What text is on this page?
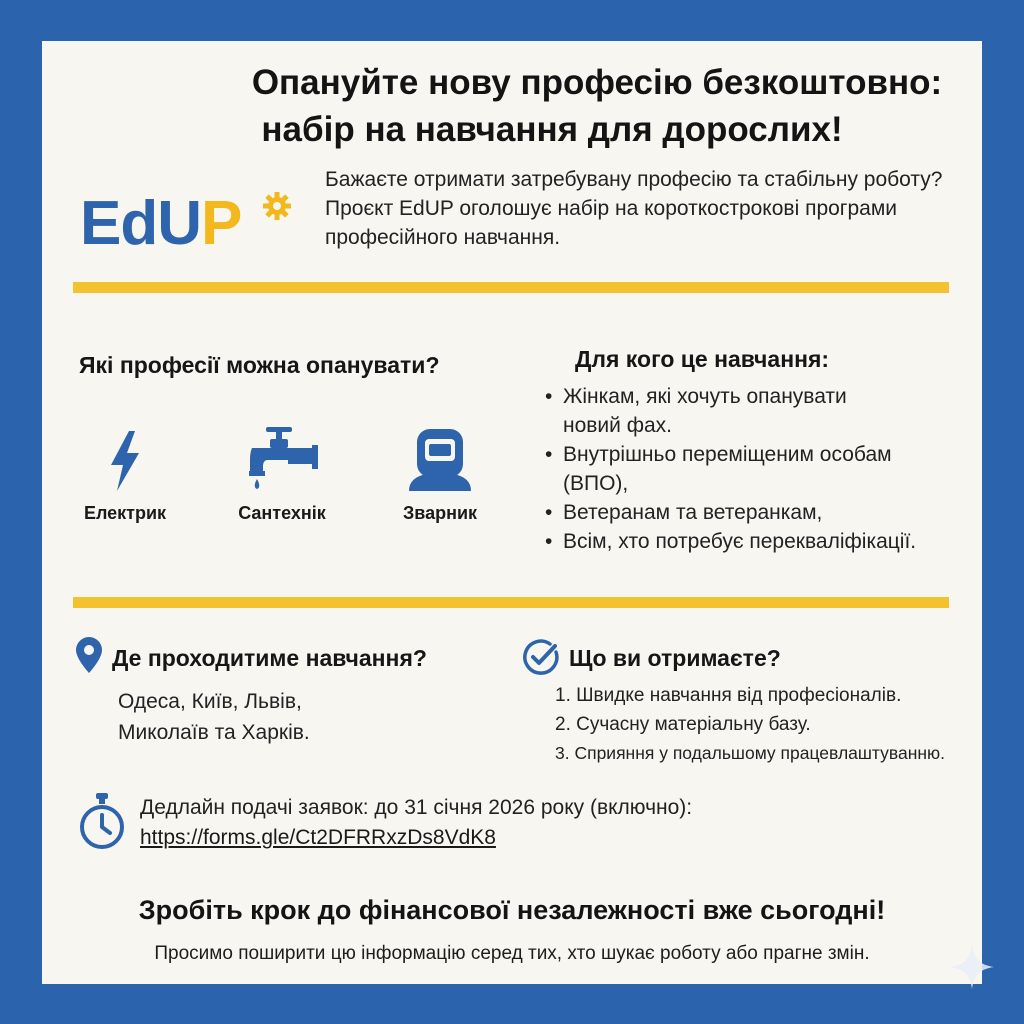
Опануйте нову професію безкоштовно:
набір на навчання для дорослих!
EdUP
Бажаєте отримати затребувану професію та стабільну роботу? Проєкт EdUP оголошує набір на короткострокові програми професійного навчання.
Які професії можна опанувати?
Електрик	Сантехнік	Зварник
Для кого це навчання:
• Жінкам, які хочуть опанувати новий фах.
• Внутрішньо переміщеним особам (ВПО),
• Ветеранам та ветеранкам,
• Всім, хто потребує перекваліфікації.
Де проходитиме навчання?
Одеса, Київ, Львів,
Миколаїв та Харків.
Що ви отримаєте?
1. Швидке навчання від професіоналів.
2. Сучасну матеріальну базу.
3. Сприяння у подальшому працевлаштуванню.
Дедлайн подачі заявок: до 31 січня 2026 року (включно):
https://forms.gle/Ct2DFRRxzDs8VdK8
Зробіть крок до фінансової незалежності вже сьогодні!
Просимо поширити цю інформацію серед тих, хто шукає роботу або прагне змін.
